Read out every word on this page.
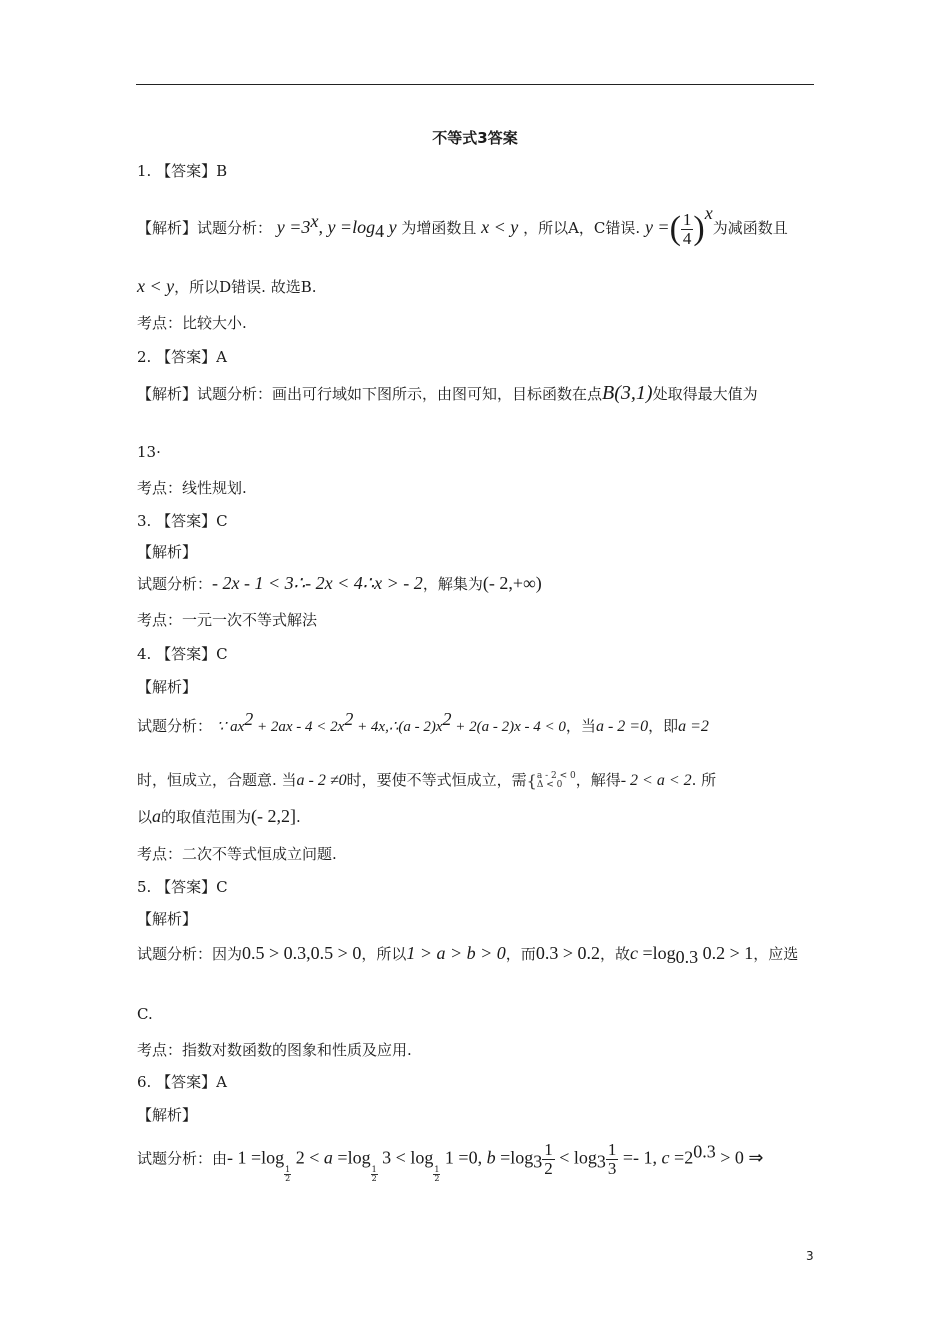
不等式3答案
1. 【答案】B
【解析】试题分析： $y =3^x$, $y =\log_4$ y 为增函数且 x < y ，所以A，C错误. y =( $\frac{1}{4} )^x$为减函数且
x < y，所以D错误. 故选B.
考点：比较大小.
2. 【答案】A
【解析】试题分析：画出可行域如下图所示，由图可知，目标函数在点B(3,1)处取得最大值为
13·
考点：线性规划.
3. 【答案】C
【解析】
试题分析：- 2x - 1 < 3∴- 2x < 4∴x > - 2，解集为(- 2,+∞)
考点：一元一次不等式解法
4. 【答案】C
【解析】
试题分析： ∵ $ax^2 + 2ax - 4 < 2x^2$ + 4x,∴(a - $2)x^2 + 2(a - 2)x - 4 < 0$，当a - 2 =0，即a =2
时，恒成立，合题意. 当a - 2 ≠0时，要使不等式恒成立，需{ a - 2 < 0
Δ < 0 ，解得- 2 < a < 2. 所
以a的取值范围为(- 2,2].
考点：二次不等式恒成立问题.
5. 【答案】C
【解析】
试题分析：因为0.5 > 0.3,0.5 > 0，所以1 > a > b > 0，而0.3 > 0.2，故$c =\log_{0.3}$ 0.2 > 1，应选
C.
考点：指数对数函数的图象和性质及应用.
6. 【答案】A
【解析】
试题分析：由- 1 =log
$\frac{1}{2}$
2 < a =log
$\frac{1}{2}$
3 < log
$\frac{1}{2}$
1 =0, $b =\log_3 \frac{1}{2} < \log_3 \frac{1}{3} =- 1$, $c =2^{0.3} > 0$ ⇒
3
